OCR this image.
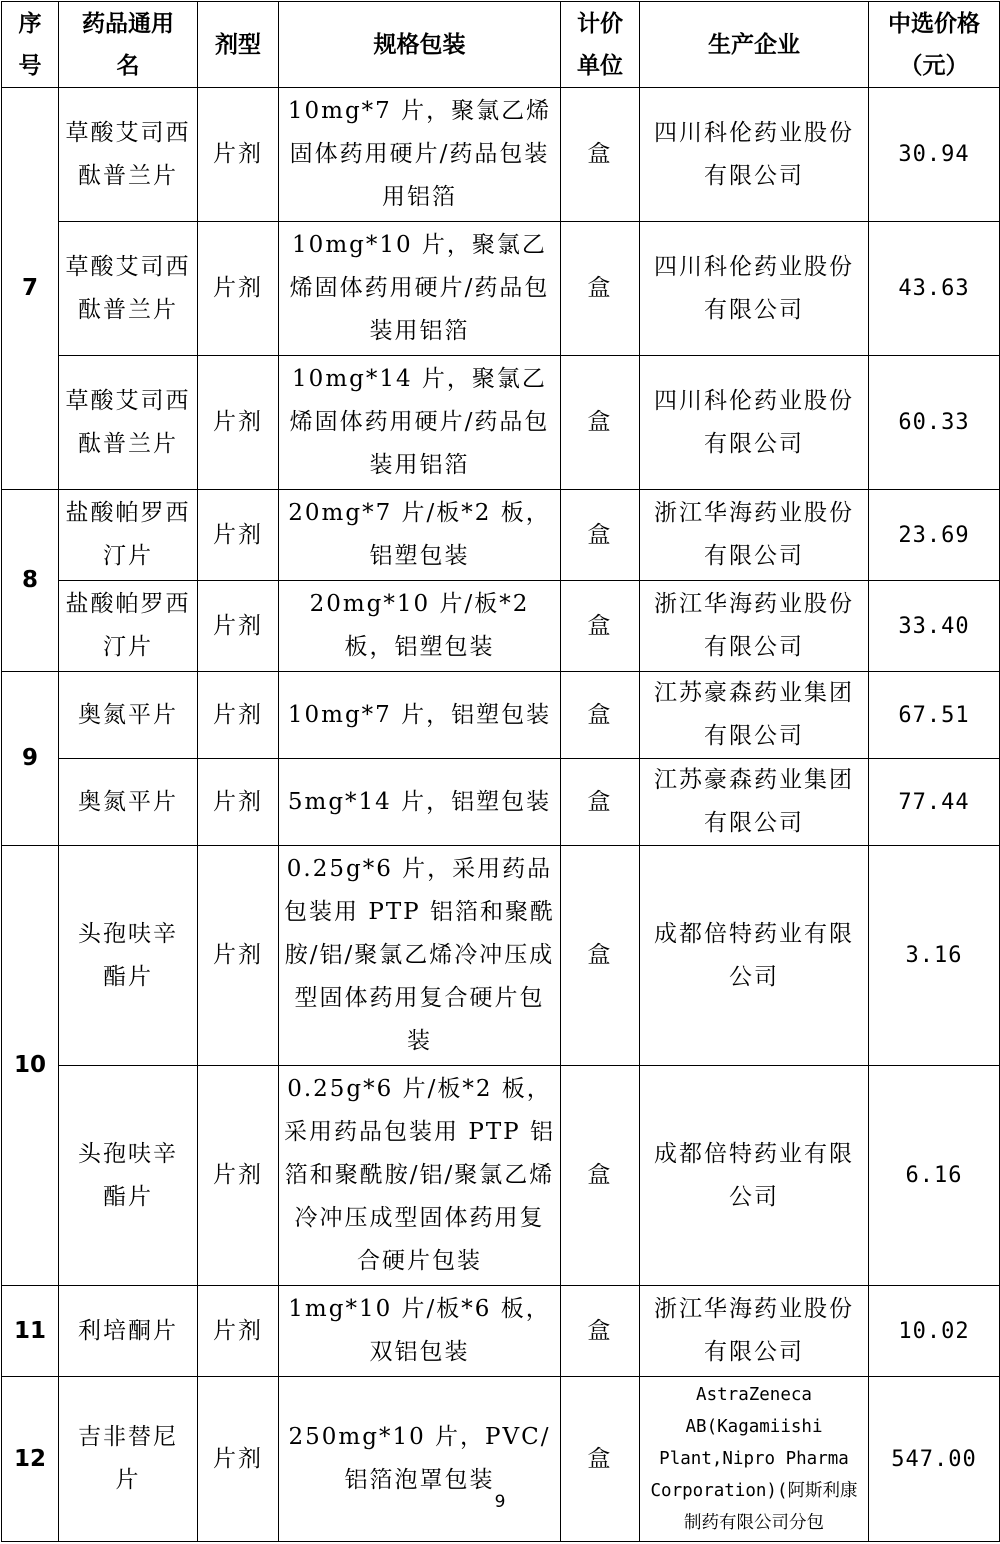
序号	药品通用名	剂型	规格包装	计价单位	生产企业	中选价格（元）
7	草酸艾司西酞普兰片	片剂	10mg*7 片，聚氯乙烯固体药用硬片/药品包装用铝箔	盒	四川科伦药业股份有限公司	30.94
	草酸艾司西酞普兰片	片剂	10mg*10 片，聚氯乙烯固体药用硬片/药品包装用铝箔	盒	四川科伦药业股份有限公司	43.63
	草酸艾司西酞普兰片	片剂	10mg*14 片，聚氯乙烯固体药用硬片/药品包装用铝箔	盒	四川科伦药业股份有限公司	60.33
8	盐酸帕罗西汀片	片剂	20mg*7 片/板*2 板，铝塑包装	盒	浙江华海药业股份有限公司	23.69
	盐酸帕罗西汀片	片剂	20mg*10 片/板*2 板，铝塑包装	盒	浙江华海药业股份有限公司	33.40
9	奥氮平片	片剂	10mg*7 片，铝塑包装	盒	江苏豪森药业集团有限公司	67.51
	奥氮平片	片剂	5mg*14 片，铝塑包装	盒	江苏豪森药业集团有限公司	77.44
10	头孢呋辛酯片	片剂	0.25g*6 片，采用药品包装用 PTP 铝箔和聚酰胺/铝/聚氯乙烯冷冲压成型固体药用复合硬片包装	盒	成都倍特药业有限公司	3.16
	头孢呋辛酯片	片剂	0.25g*6 片/板*2 板，采用药品包装用 PTP 铝箔和聚酰胺/铝/聚氯乙烯冷冲压成型固体药用复合硬片包装	盒	成都倍特药业有限公司	6.16
11	利培酮片	片剂	1mg*10 片/板*6 板，双铝包装	盒	浙江华海药业股份有限公司	10.02
12	吉非替尼片	片剂	250mg*10 片，PVC/铝箔泡罩包装	盒	AstraZeneca AB(Kagamiishi Plant,Nipro Pharma Corporation)(阿斯利康制药有限公司分包	547.00
9
